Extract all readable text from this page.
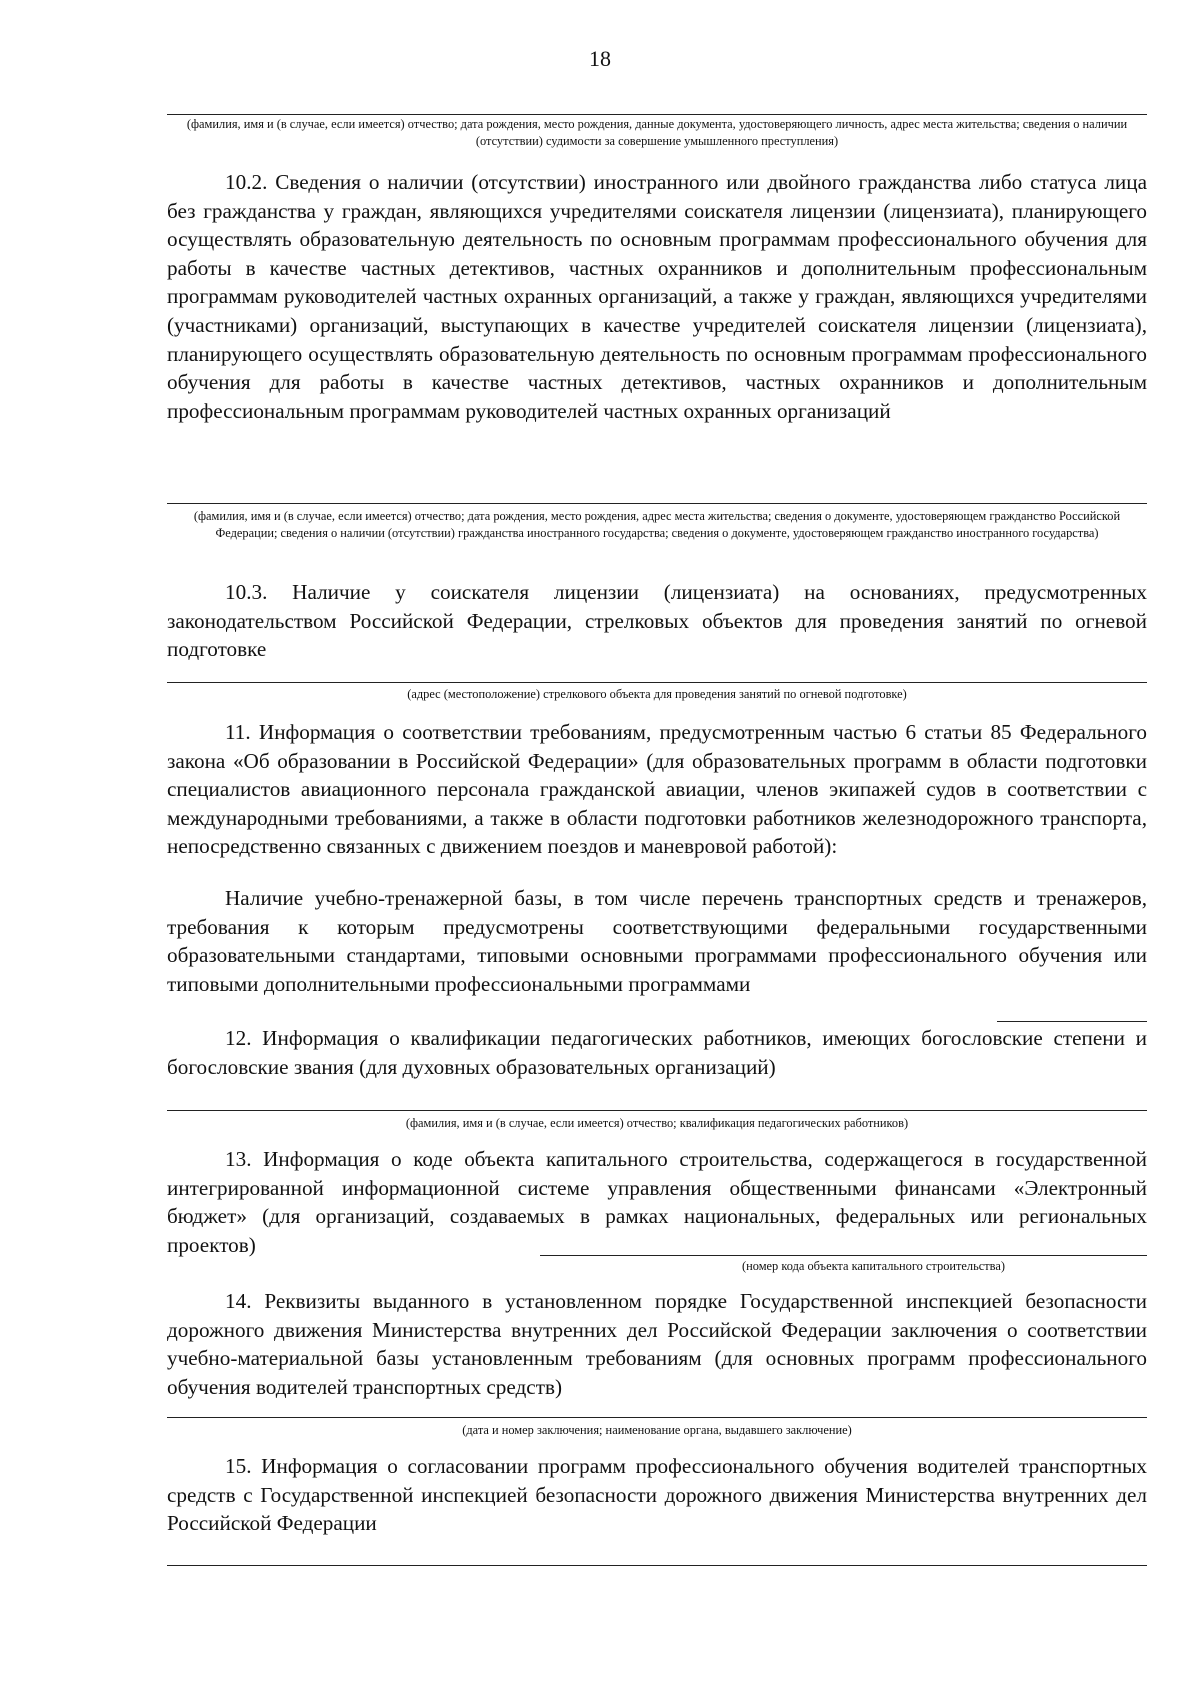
18
(фамилия, имя и (в случае, если имеется) отчество; дата рождения, место рождения, данные документа, удостоверяющего личность, адрес места жительства; сведения о наличии (отсутствии) судимости за совершение умышленного преступления)
10.2. Сведения о наличии (отсутствии) иностранного или двойного гражданства либо статуса лица без гражданства у граждан, являющихся учредителями соискателя лицензии (лицензиата), планирующего осуществлять образовательную деятельность по основным программам профессионального обучения для работы в качестве частных детективов, частных охранников и дополнительным профессиональным программам руководителей частных охранных организаций, а также у граждан, являющихся учредителями (участниками) организаций, выступающих в качестве учредителей соискателя лицензии (лицензиата), планирующего осуществлять образовательную деятельность по основным программам профессионального обучения для работы в качестве частных детективов, частных охранников и дополнительным профессиональным программам руководителей частных охранных организаций
(фамилия, имя и (в случае, если имеется) отчество; дата рождения, место рождения, адрес места жительства; сведения о документе, удостоверяющем гражданство Российской Федерации; сведения о наличии (отсутствии) гражданства иностранного государства; сведения о документе, удостоверяющем гражданство иностранного государства)
10.3. Наличие у соискателя лицензии (лицензиата) на основаниях, предусмотренных законодательством Российской Федерации, стрелковых объектов для проведения занятий по огневой подготовке
(адрес (местоположение) стрелкового объекта для проведения занятий по огневой подготовке)
11. Информация о соответствии требованиям, предусмотренным частью 6 статьи 85 Федерального закона «Об образовании в Российской Федерации» (для образовательных программ в области подготовки специалистов авиационного персонала гражданской авиации, членов экипажей судов в соответствии с международными требованиями, а также в области подготовки работников железнодорожного транспорта, непосредственно связанных с движением поездов и маневровой работой):
Наличие учебно-тренажерной базы, в том числе перечень транспортных средств и тренажеров, требования к которым предусмотрены соответствующими федеральными государственными образовательными стандартами, типовыми основными программами профессионального обучения или типовыми дополнительными профессиональными программами
12. Информация о квалификации педагогических работников, имеющих богословские степени и богословские звания (для духовных образовательных организаций)
(фамилия, имя и (в случае, если имеется) отчество; квалификация педагогических работников)
13. Информация о коде объекта капитального строительства, содержащегося в государственной интегрированной информационной системе управления общественными финансами «Электронный бюджет» (для организаций, создаваемых в рамках национальных, федеральных или региональных проектов)
(номер кода объекта капитального строительства)
14. Реквизиты выданного в установленном порядке Государственной инспекцией безопасности дорожного движения Министерства внутренних дел Российской Федерации заключения о соответствии учебно-материальной базы установленным требованиям (для основных программ профессионального обучения водителей транспортных средств)
(дата и номер заключения; наименование органа, выдавшего заключение)
15. Информация о согласовании программ профессионального обучения водителей транспортных средств с Государственной инспекцией безопасности дорожного движения Министерства внутренних дел Российской Федерации
